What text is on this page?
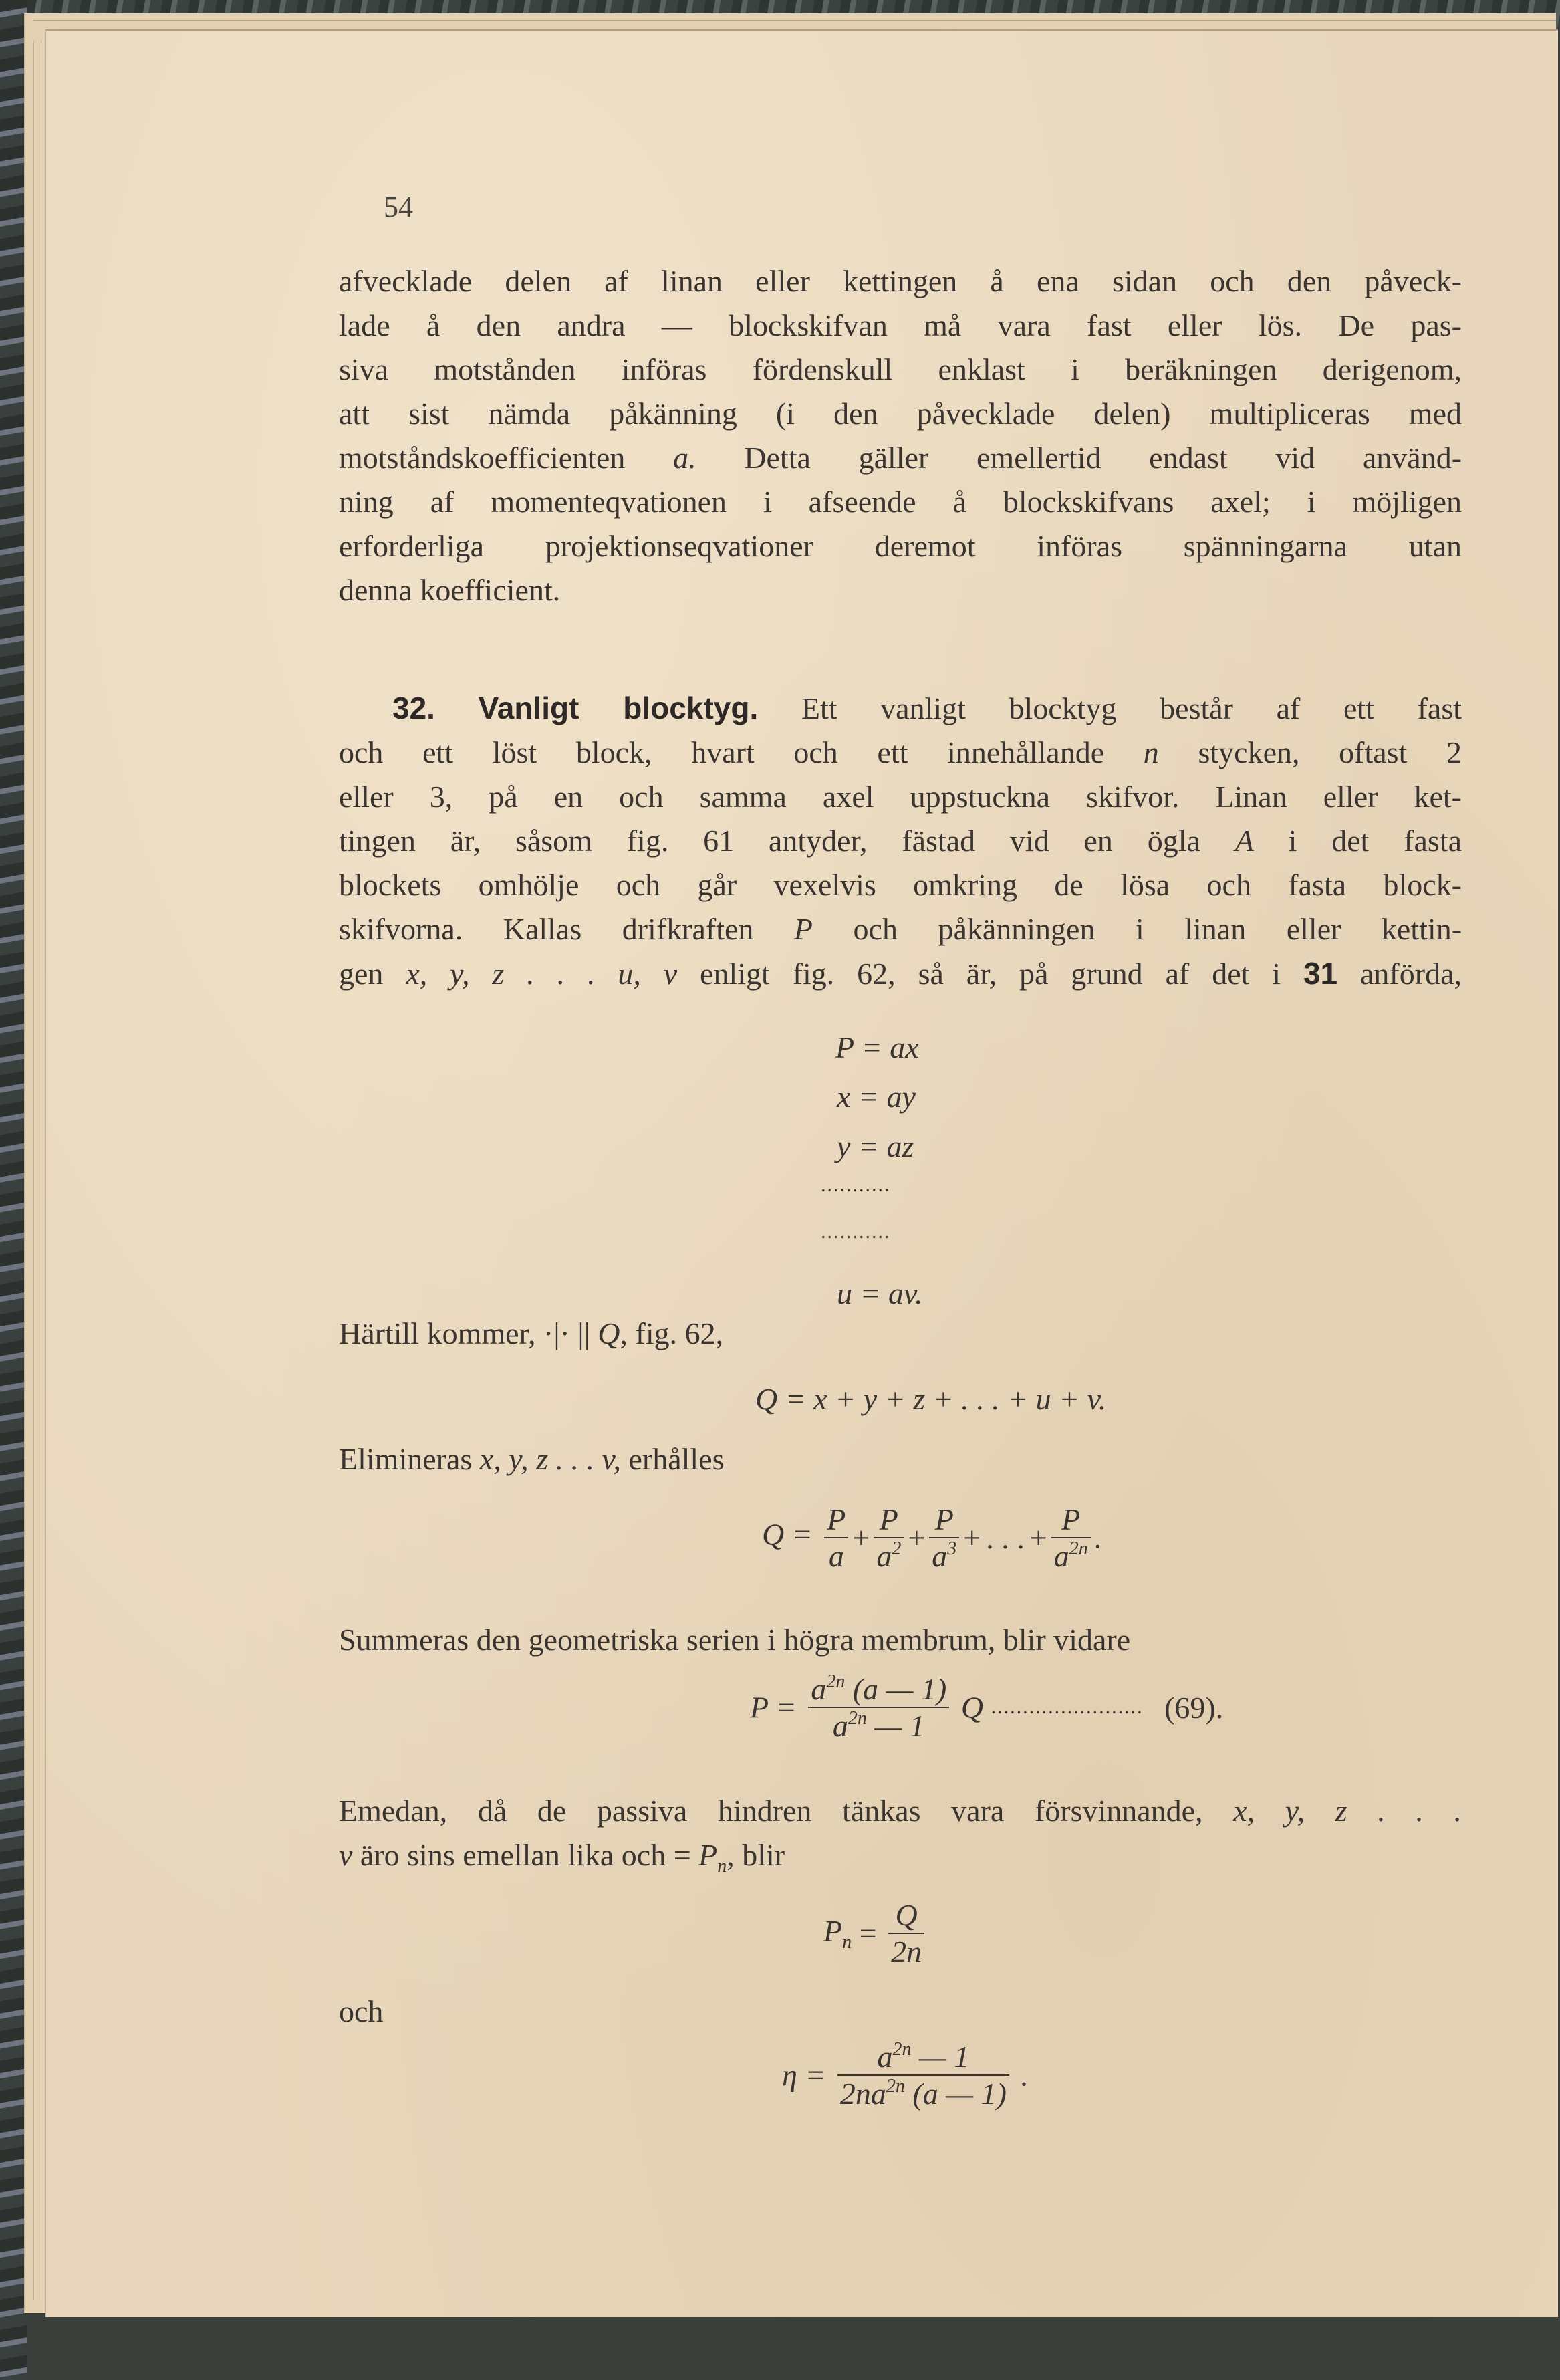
54
afvecklade delen af linan eller kettingen å ena sidan och den påveck-
lade å den andra — blockskifvan må vara fast eller lös. De pas-
siva motstånden införas fördenskull enklast i beräkningen derigenom,
att sist nämda påkänning (i den påvecklade delen) multipliceras med
motståndskoefficienten a. Detta gäller emellertid endast vid använd-
ning af momenteqvationen i afseende å blockskifvans axel; i möjligen
erforderliga projektionseqvationer deremot införas spänningarna utan
denna koefficient.
32. Vanligt blocktyg. Ett vanligt blocktyg består af ett fast
och ett löst block, hvart och ett innehållande n stycken, oftast 2
eller 3, på en och samma axel uppstuckna skifvor. Linan eller ket-
tingen är, såsom fig. 61 antyder, fästad vid en ögla A i det fasta
blockets omhölje och går vexelvis omkring de lösa och fasta block-
skifvorna. Kallas drifkraften P och påkänningen i linan eller kettin-
gen x, y, z . . . u, v enligt fig. 62, så är, på grund af det i 31 anförda,
P = ax
x = ay
y = az
...........
...........
u = av.
Härtill kommer, ·|· || Q, fig. 62,
Q = x + y + z + . . . + u + v.
Elimineras x, y, z . . . v, erhålles
$Q = \frac{P}{a} + \frac{P}{a^2} + \frac{P}{a^3}$ + . . . + $\frac{P}{a^{2n}}$ .
Summeras den geometriska serien i högra membrum, blir vidare
$P = \frac{a^{2n} (a — 1)}{a^{2n} — 1}$ Q ........................ (69).
Emedan, då de passiva hindren tänkas vara försvinnande, x, y, z . . .
v äro sins emellan lika och = $P_n$, blir
$P_n = \frac{Q}{2n}$
och
$\eta = \frac{a^{2n} — 1}{2na^{2n} (a — 1)}$ .
